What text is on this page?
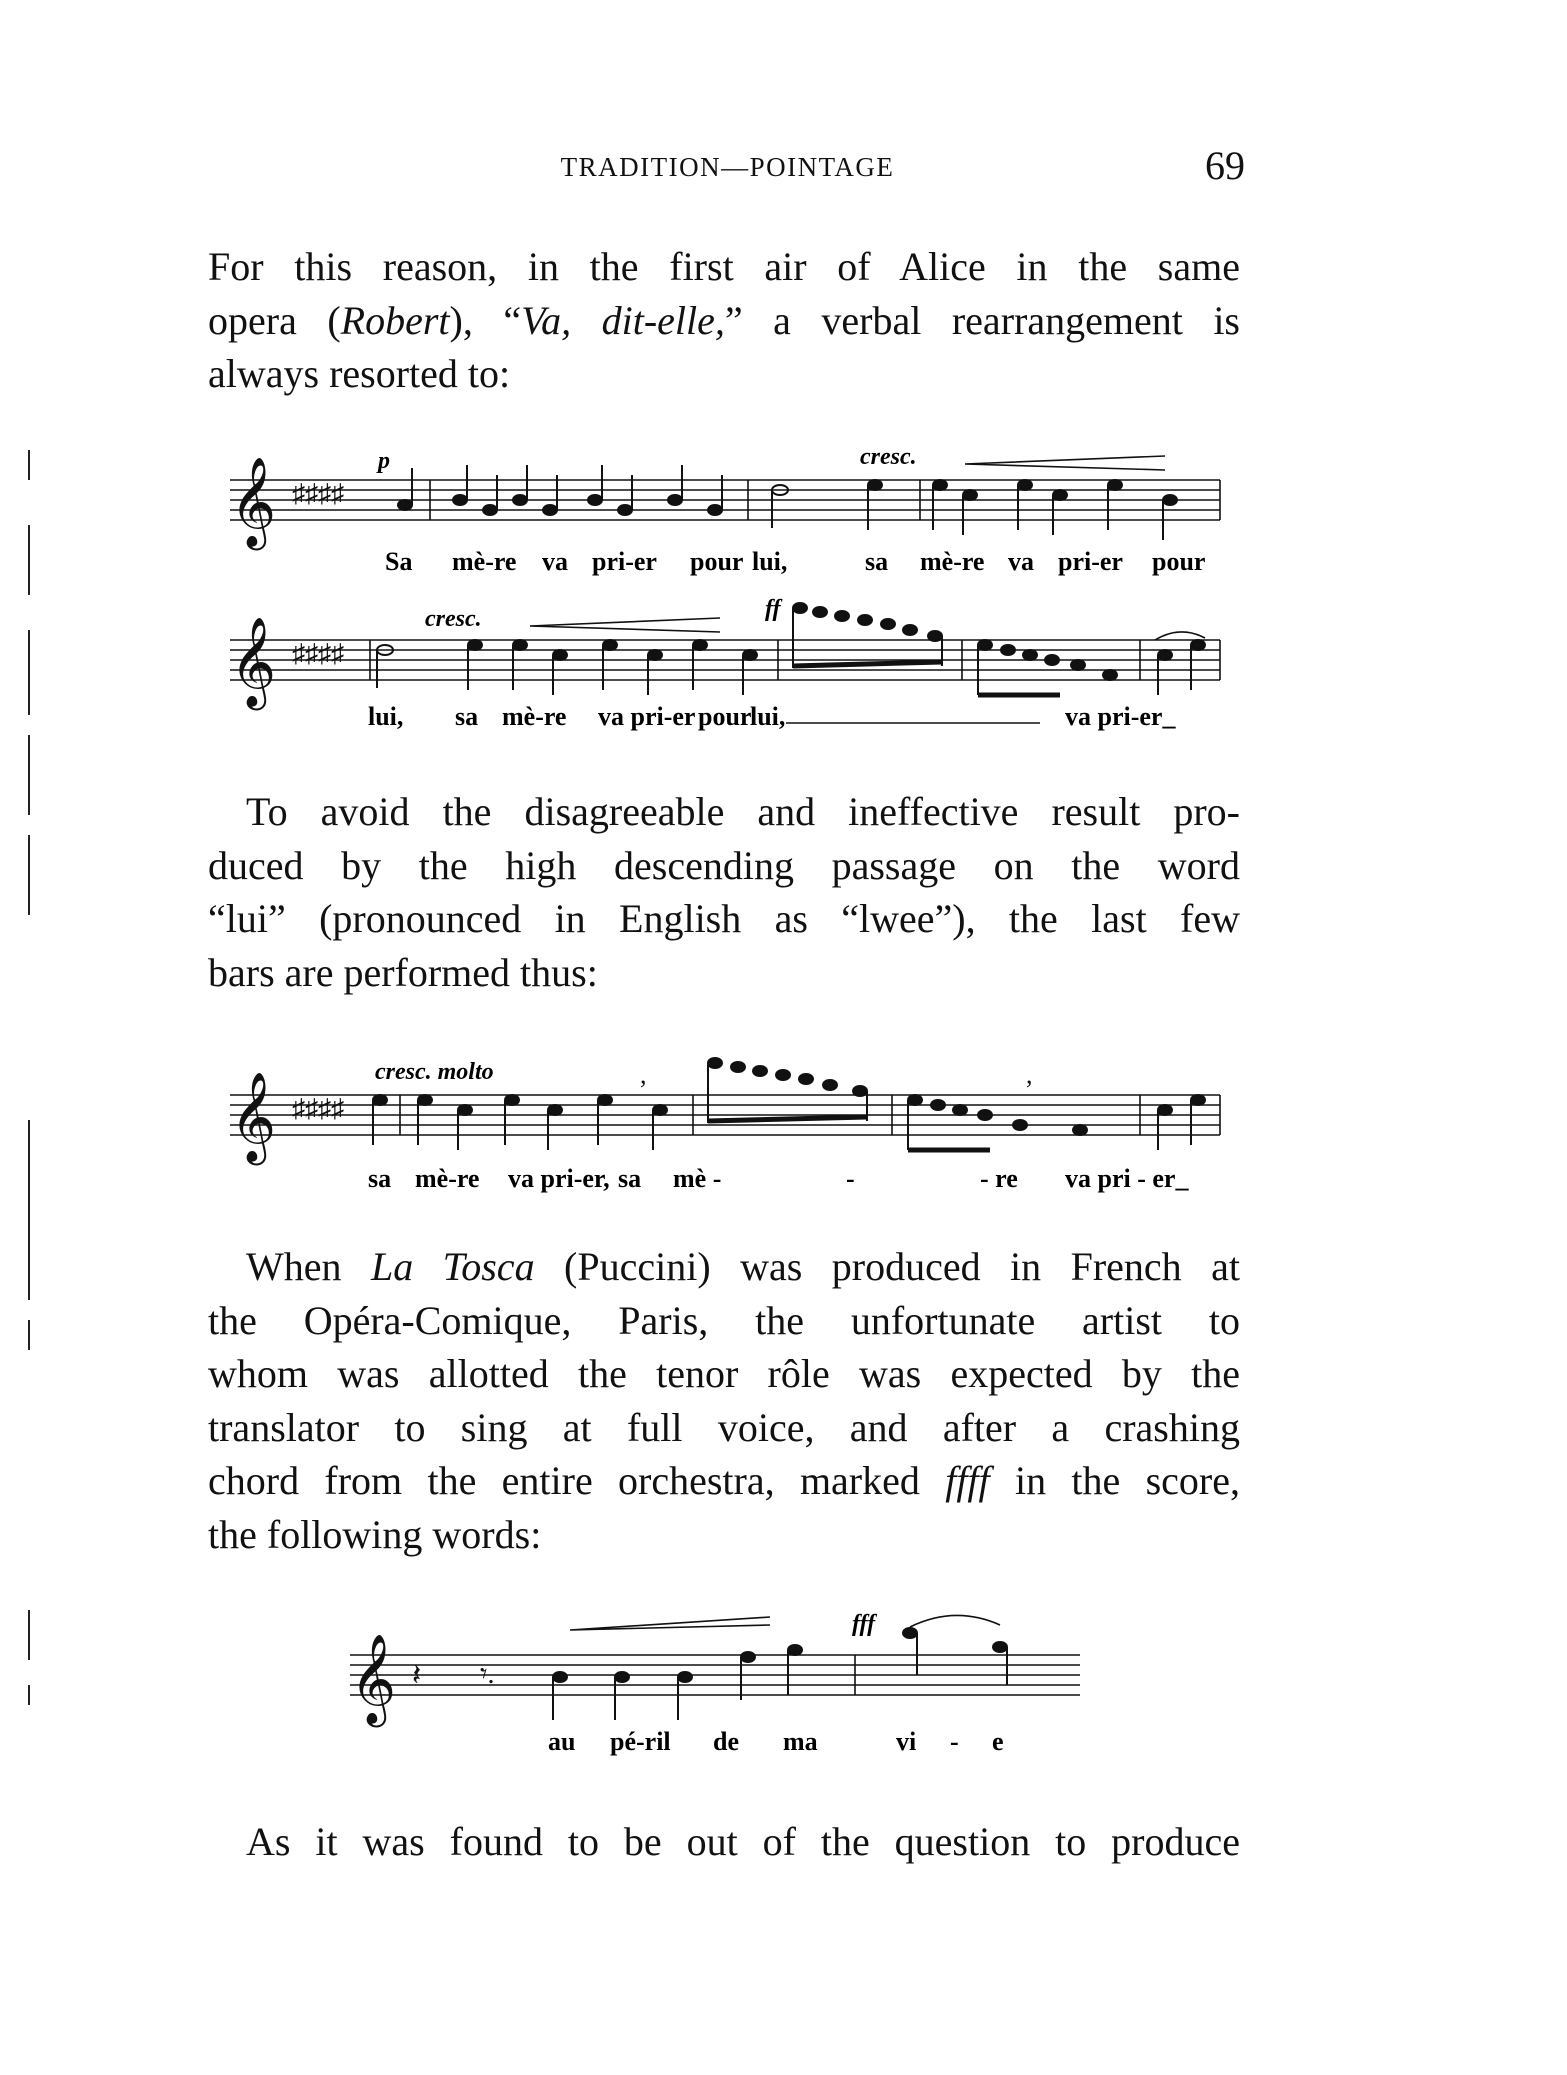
TRADITION—POINTAGE	69

For this reason, in the first air of Alice in the same
opera (Robert), “Va, dit-elle,” a verbal rearrangement is
always resorted to:

𝄞
𝄞
♯♯♯♯
♯♯♯♯
p	cresc.
Sa mè-re va pri-er pour lui,	sa mè-re va pri-er pour
cresc.	ff
lui, sa mè-re va pri-er pour
lui,	va pri-er_

To avoid the disagreeable and ineffective result pro-
duced by the high descending passage on the word
“lui” (pronounced in English as “lwee”), the last few
bars are performed thus:

𝄞 ♯♯♯♯
,	,
cresc. molto
sa mè-re va pri-er, sa mè -	-	- re va pri - er_

When La Tosca (Puccini) was produced in French at
the Opéra-Comique, Paris, the unfortunate artist to
whom was allotted the tenor rôle was expected by the
translator to sing at full voice, and after a crashing
chord from the entire orchestra, marked ffff in the score,
the following words:

𝄞 𝄽 𝄾.
fff
au pé-ril de ma	vi - e

As it was found to be out of the question to produce
